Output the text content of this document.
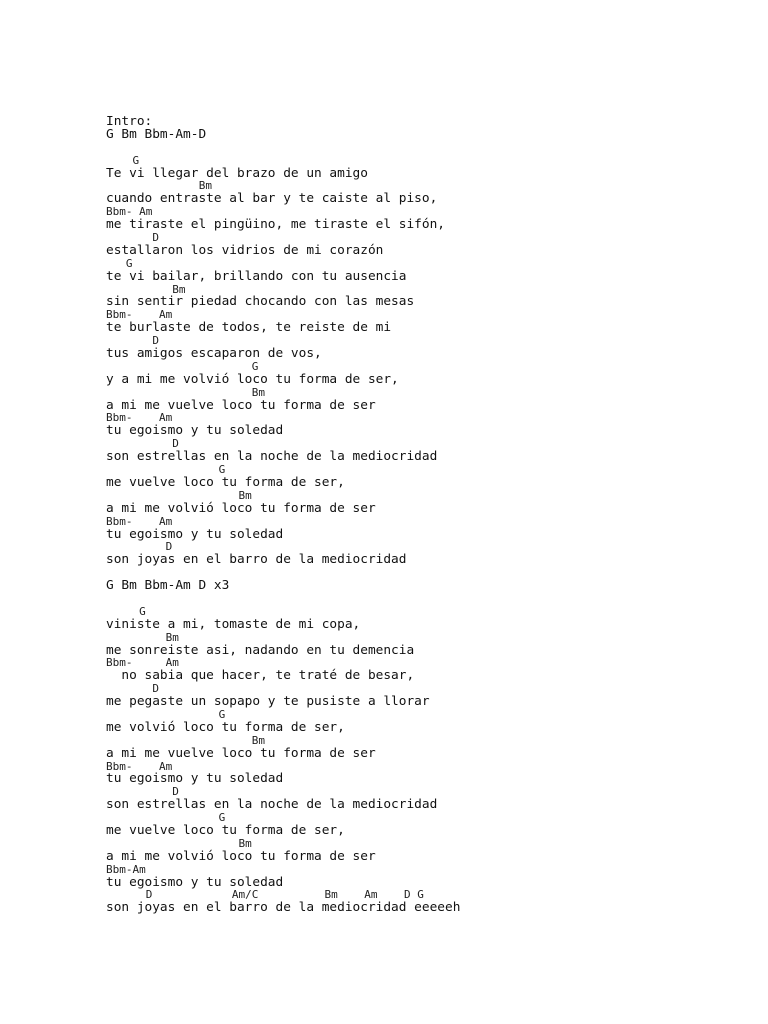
Intro:
G Bm Bbm-Am-D
G
Te vi llegar del brazo de un amigo
Bm
cuando entraste al bar y te caiste al piso,
Bbm- Am
me tiraste el pingüino, me tiraste el sifón,
D
estallaron los vidrios de mi corazón
G
te vi bailar, brillando con tu ausencia
Bm
sin sentir piedad chocando con las mesas
Bbm-    Am
te burlaste de todos, te reiste de mi
D
tus amigos escaparon de vos,
G
y a mi me volvió loco tu forma de ser,
Bm
a mi me vuelve loco tu forma de ser
Bbm-    Am
tu egoismo y tu soledad
D
son estrellas en la noche de la mediocridad
G
me vuelve loco tu forma de ser,
Bm
a mi me volvió loco tu forma de ser
Bbm-    Am
tu egoismo y tu soledad
D
son joyas en el barro de la mediocridad
G Bm Bbm-Am D x3
G
viniste a mi, tomaste de mi copa,
Bm
me sonreiste asi, nadando en tu demencia
Bbm-     Am
no sabia que hacer, te traté de besar,
D
me pegaste un sopapo y te pusiste a llorar
G
me volvió loco tu forma de ser,
Bm
a mi me vuelve loco tu forma de ser
Bbm-    Am
tu egoismo y tu soledad
D
son estrellas en la noche de la mediocridad
G
me vuelve loco tu forma de ser,
Bm
a mi me volvió loco tu forma de ser
Bbm-Am
tu egoismo y tu soledad
D            Am/C          Bm    Am    D G
son joyas en el barro de la mediocridad eeeeeh
